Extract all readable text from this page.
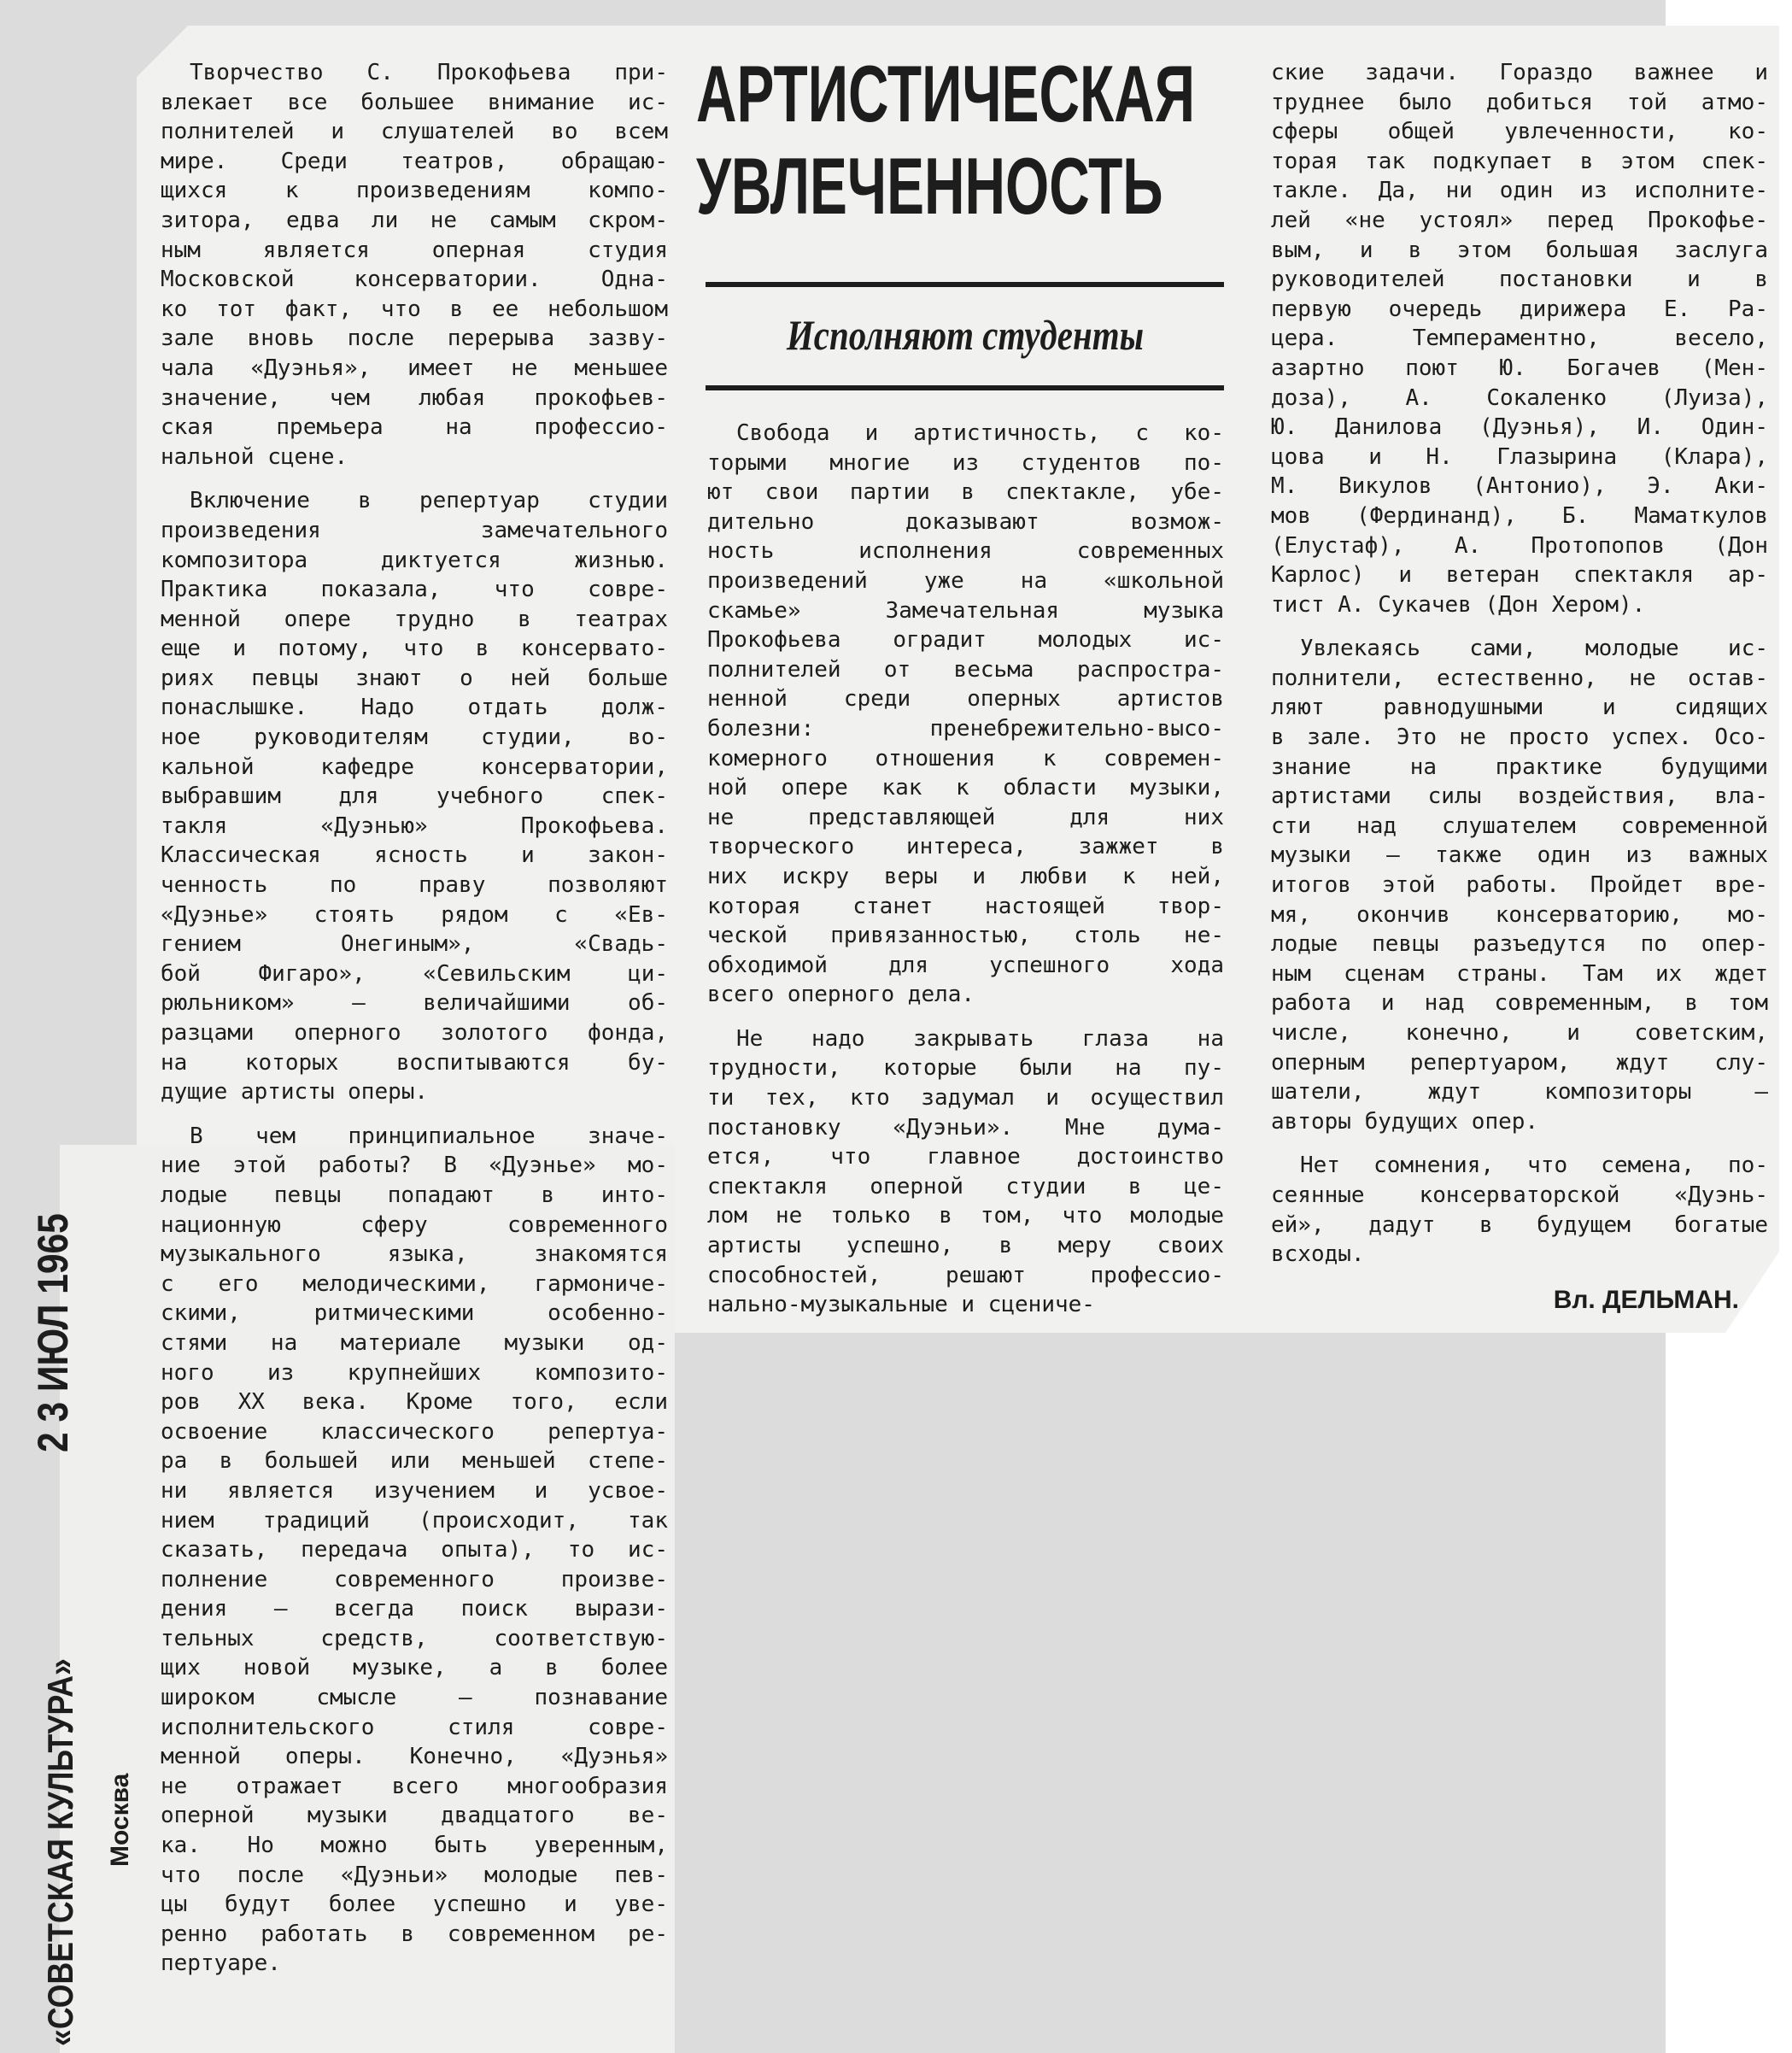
АРТИСТИЧЕСКАЯ
УВЛЕЧЕННОСТЬ
Исполняют студенты
Творчество С. Прокофьева при-
влекает все большее внимание ис-
полнителей и слушателей во всем
мире. Среди театров, обращаю-
щихся к произведениям компо-
зитора, едва ли не самым скром-
ным является оперная студия
Московской консерватории. Одна-
ко тот факт, что в ее небольшом
зале вновь после перерыва зазву-
чала «Дуэнья», имеет не меньшее
значение, чем любая прокофьев-
ская премьера на профессио-
нальной сцене.
Включение в репертуар студии
произведения замечательного
композитора диктуется жизнью.
Практика показала, что совре-
менной опере трудно в театрах
еще и потому, что в консервато-
риях певцы знают о ней больше
понаслышке. Надо отдать долж-
ное руководителям студии, во-
кальной кафедре консерватории,
выбравшим для учебного спек-
такля «Дуэнью» Прокофьева.
Классическая ясность и закон-
ченность по праву позволяют
«Дуэнье» стоять рядом с «Ев-
гением Онегиным», «Свадь-
бой Фигаро», «Севильским ци-
рюльником» — величайшими об-
разцами оперного золотого фонда,
на которых воспитываются бу-
дущие артисты оперы.
В чем принципиальное значе-
ние этой работы? В «Дуэнье» мо-
лодые певцы попадают в инто-
национную сферу современного
музыкального языка, знакомятся
с его мелодическими, гармониче-
скими, ритмическими особенно-
стями на материале музыки од-
ного из крупнейших композито-
ров XX века. Кроме того, если
освоение классического репертуа-
ра в большей или меньшей степе-
ни является изучением и усвое-
нием традиций (происходит, так
сказать, передача опыта), то ис-
полнение современного произве-
дения — всегда поиск вырази-
тельных средств, соответствую-
щих новой музыке, а в более
широком смысле — познавание
исполнительского стиля совре-
менной оперы. Конечно, «Дуэнья»
не отражает всего многообразия
оперной музыки двадцатого ве-
ка. Но можно быть уверенным,
что после «Дуэньи» молодые пев-
цы будут более успешно и уве-
ренно работать в современном ре-
пертуаре.
Свобода и артистичность, с ко-
торыми многие из студентов по-
ют свои партии в спектакле, убе-
дительно доказывают возмож-
ность исполнения современных
произведений уже на «школьной
скамье» Замечательная музыка
Прокофьева оградит молодых ис-
полнителей от весьма распростра-
ненной среди оперных артистов
болезни: пренебрежительно-высо-
комерного отношения к современ-
ной опере как к области музыки,
не представляющей для них
творческого интереса, зажжет в
них искру веры и любви к ней,
которая станет настоящей твор-
ческой привязанностью, столь не-
обходимой для успешного хода
всего оперного дела.
Не надо закрывать глаза на
трудности, которые были на пу-
ти тех, кто задумал и осуществил
постановку «Дуэньи». Мне дума-
ется, что главное достоинство
спектакля оперной студии в це-
лом не только в том, что молодые
артисты успешно, в меру своих
способностей, решают профессио-
нально-музыкальные и сцениче-
ские задачи. Гораздо важнее и
труднее было добиться той атмо-
сферы общей увлеченности, ко-
торая так подкупает в этом спек-
такле. Да, ни один из исполните-
лей «не устоял» перед Прокофье-
вым, и в этом большая заслуга
руководителей постановки и в
первую очередь дирижера Е. Ра-
цера. Темпераментно, весело,
азартно поют Ю. Богачев (Мен-
доза), А. Сокаленко (Луиза),
Ю. Данилова (Дуэнья), И. Один-
цова и Н. Глазырина (Клара),
М. Викулов (Антонио), Э. Аки-
мов (Фердинанд), Б. Маматкулов
(Елустаф), А. Протопопов (Дон
Карлос) и ветеран спектакля ар-
тист А. Сукачев (Дон Хером).
Увлекаясь сами, молодые ис-
полнители, естественно, не остав-
ляют равнодушными и сидящих
в зале. Это не просто успех. Осо-
знание на практике будущими
артистами силы воздействия, вла-
сти над слушателем современной
музыки — также один из важных
итогов этой работы. Пройдет вре-
мя, окончив консерваторию, мо-
лодые певцы разъедутся по опер-
ным сценам страны. Там их ждет
работа и над современным, в том
числе, конечно, и советским,
оперным репертуаром, ждут слу-
шатели, ждут композиторы —
авторы будущих опер.
Нет сомнения, что семена, по-
сеянные консерваторской «Дуэнь-
ей», дадут в будущем богатые
всходы.
Вл. ДЕЛЬМАН.
«СОВЕТСКАЯ КУЛЬТУРА»
2 3 ИЮЛ 1965
Москва
